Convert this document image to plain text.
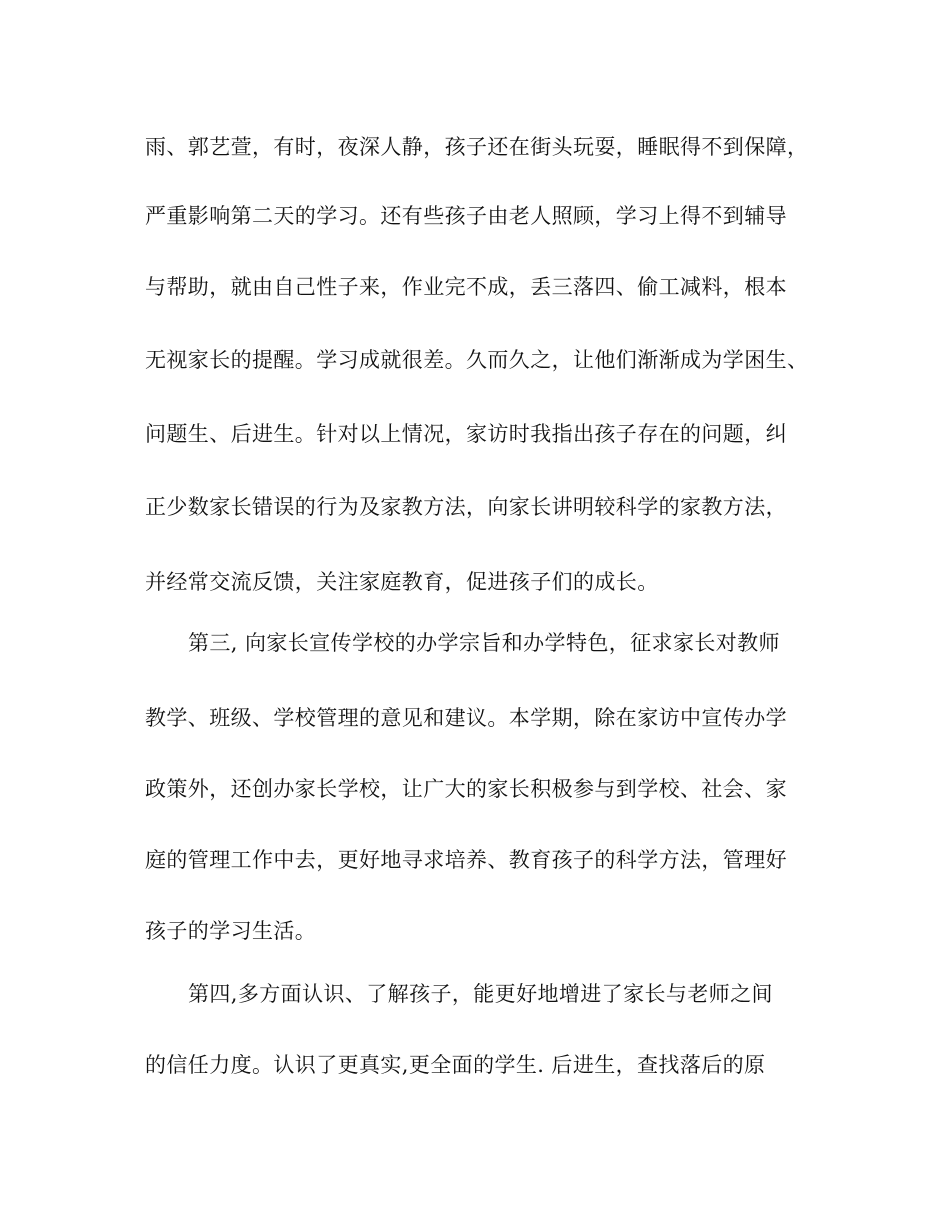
雨、郭艺萱，有时，夜深人静，孩子还在街头玩耍，睡眠得不到保障，
严重影响第二天的学习。还有些孩子由老人照顾，学习上得不到辅导
与帮助，就由自己性子来，作业完不成，丢三落四、偷工减料，根本
无视家长的提醒。学习成就很差。久而久之，让他们渐渐成为学困生、
问题生、后进生。针对以上情况，家访时我指出孩子存在的问题，纠
正少数家长错误的行为及家教方法，向家长讲明较科学的家教方法，
并经常交流反馈，关注家庭教育，促进孩子们的成长。
第三, 向家长宣传学校的办学宗旨和办学特色，征求家长对教师
教学、班级、学校管理的意见和建议。本学期，除在家访中宣传办学
政策外，还创办家长学校，让广大的家长积极参与到学校、社会、家
庭的管理工作中去，更好地寻求培养、教育孩子的科学方法，管理好
孩子的学习生活。
第四,多方面认识、了解孩子，能更好地增进了家长与老师之间
的信任力度。认识了更真实,更全面的学生. 后进生，查找落后的原
